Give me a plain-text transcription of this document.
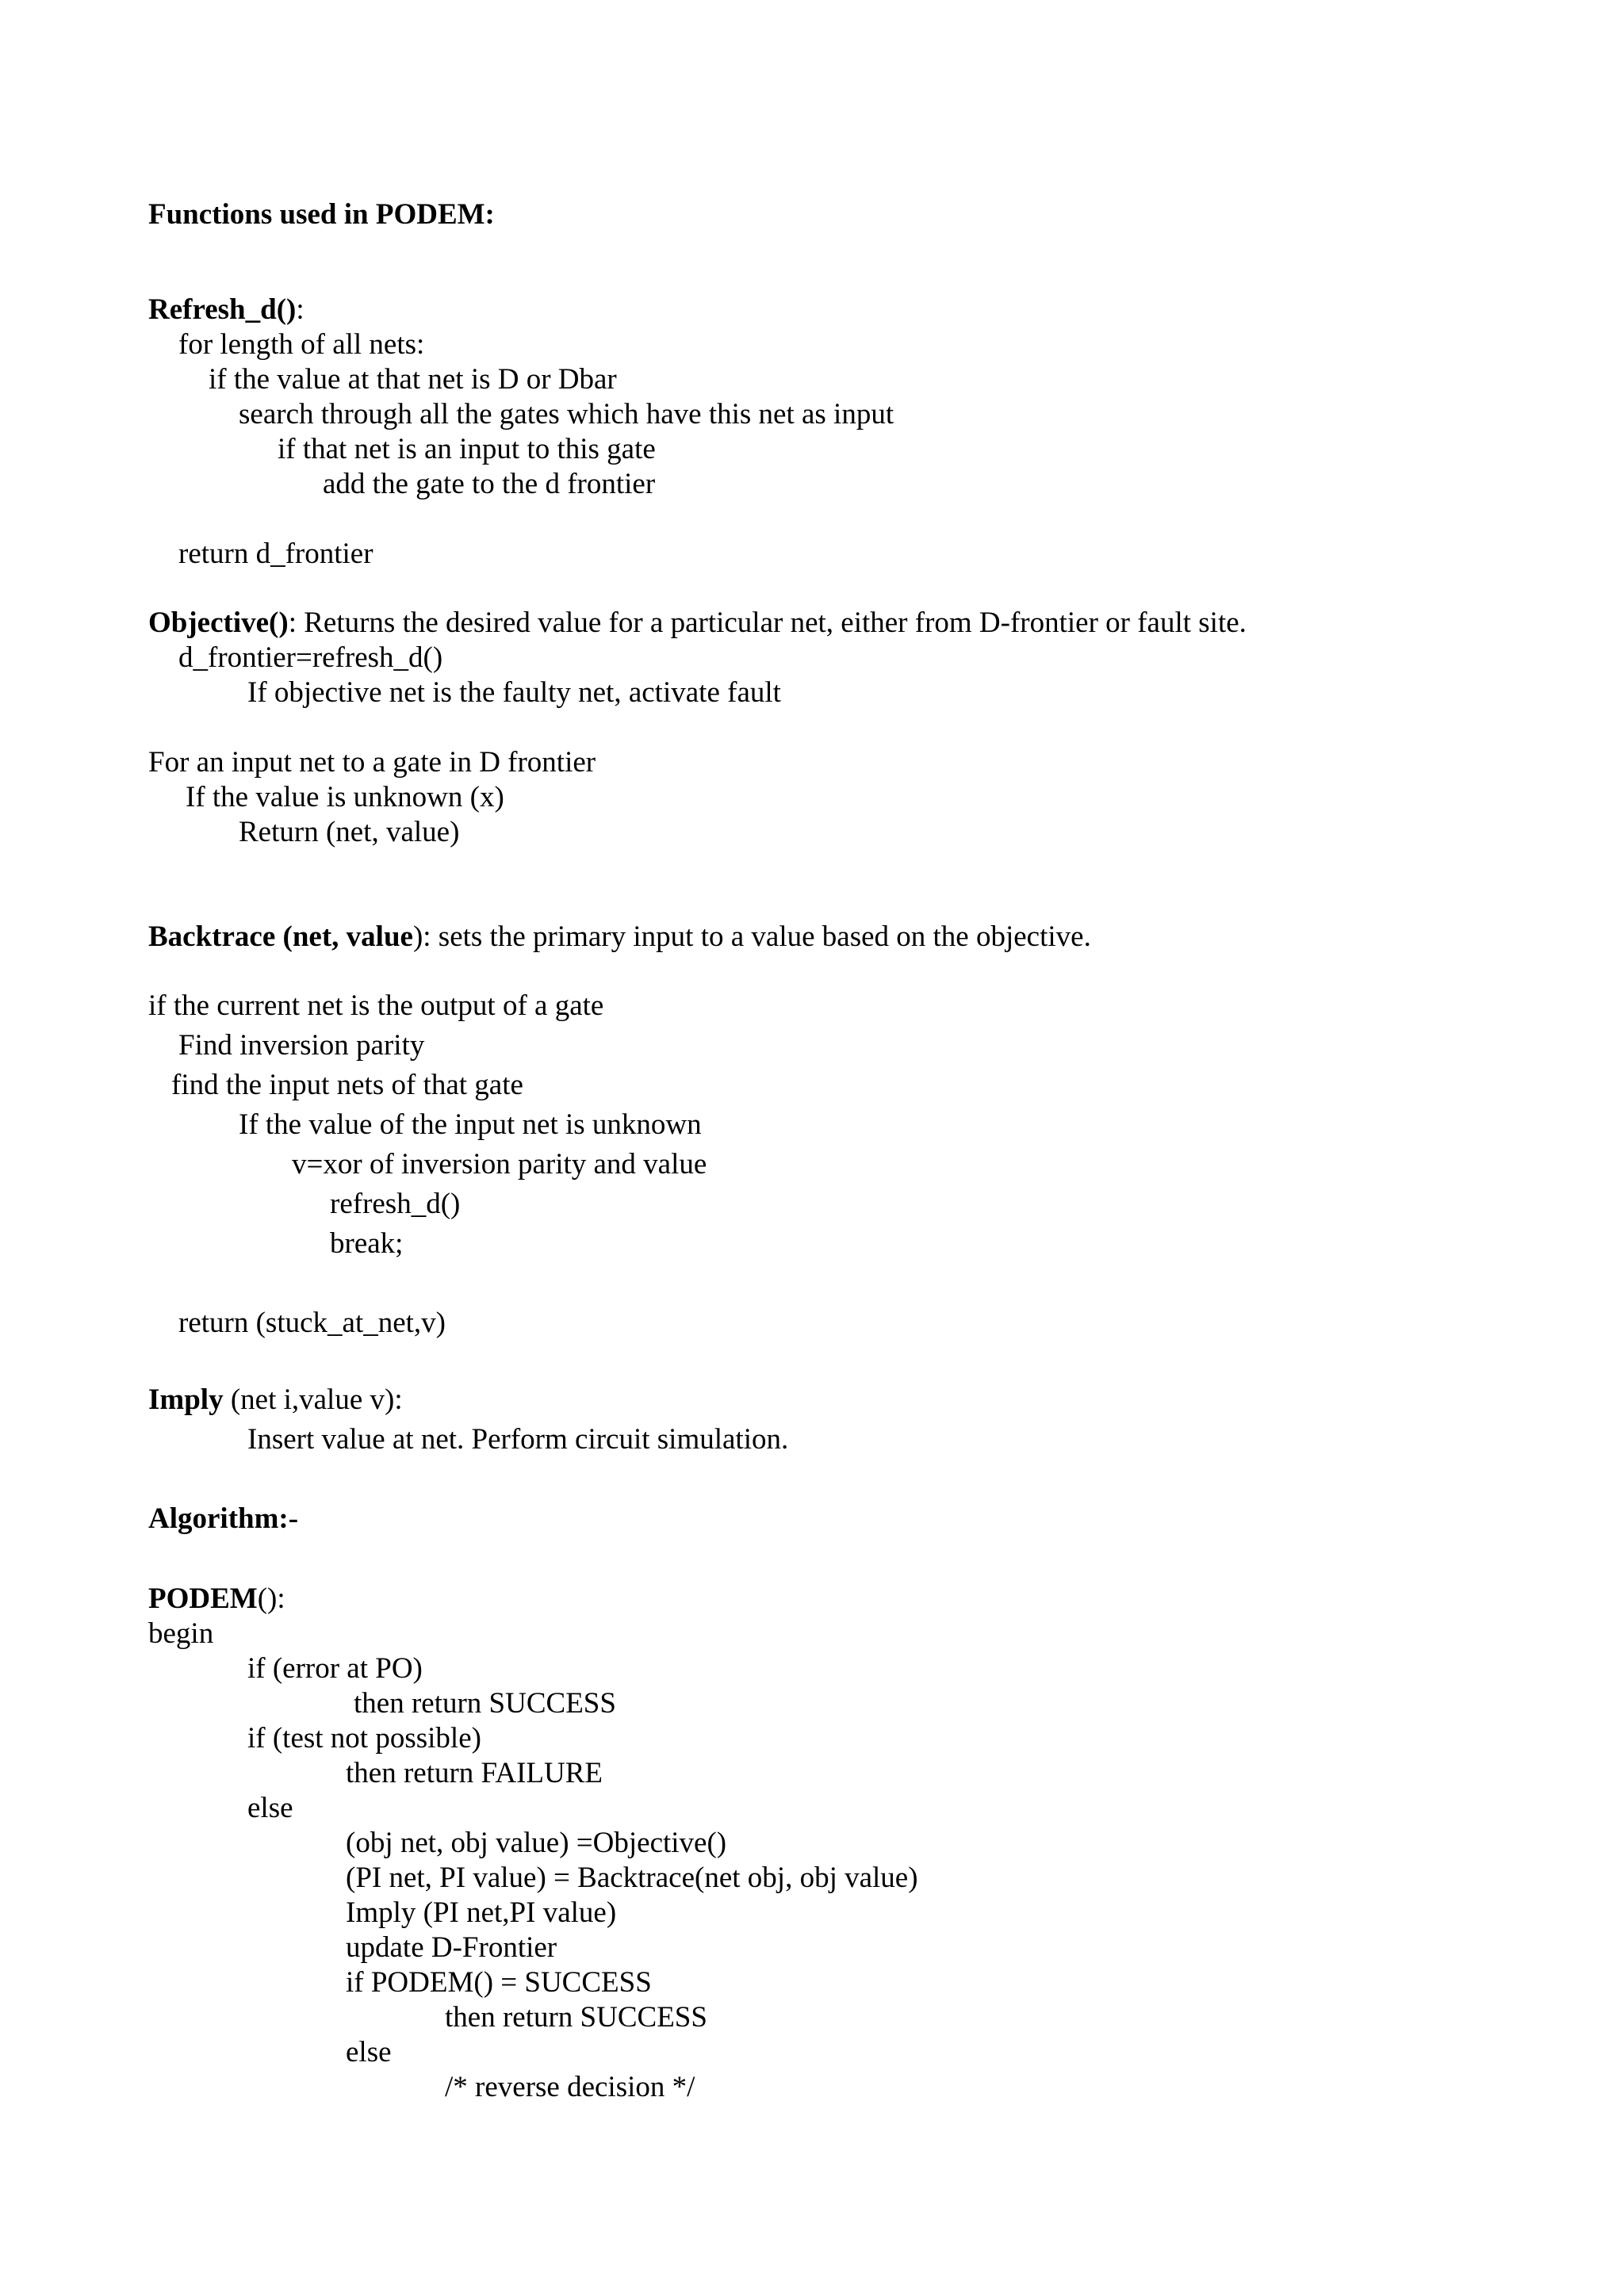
Functions used in PODEM:
Refresh_d():
for length of all nets:
if the value at that net is D or Dbar
search through all the gates which have this net as input
if that net is an input to this gate
add the gate to the d frontier
return d_frontier
Objective(): Returns the desired value for a particular net, either from D-frontier or fault site.
d_frontier=refresh_d()
If objective net is the faulty net, activate fault
For an input net to a gate in D frontier
If the value is unknown (x)
Return (net, value)
Backtrace (net, value): sets the primary input to a value based on the objective.
if the current net is the output of a gate
Find inversion parity
find the input nets of that gate
If the value of the input net is unknown
v=xor of inversion parity and value
refresh_d()
break;
return (stuck_at_net,v)
Imply (net i,value v):
Insert value at net. Perform circuit simulation.
Algorithm:-
PODEM():
begin
if (error at PO)
then return SUCCESS
if (test not possible)
then return FAILURE
else
(obj net, obj value) =Objective()
(PI net, PI value) = Backtrace(net obj, obj value)
Imply (PI net,PI value)
update D-Frontier
if PODEM() = SUCCESS
then return SUCCESS
else
/* reverse decision */
